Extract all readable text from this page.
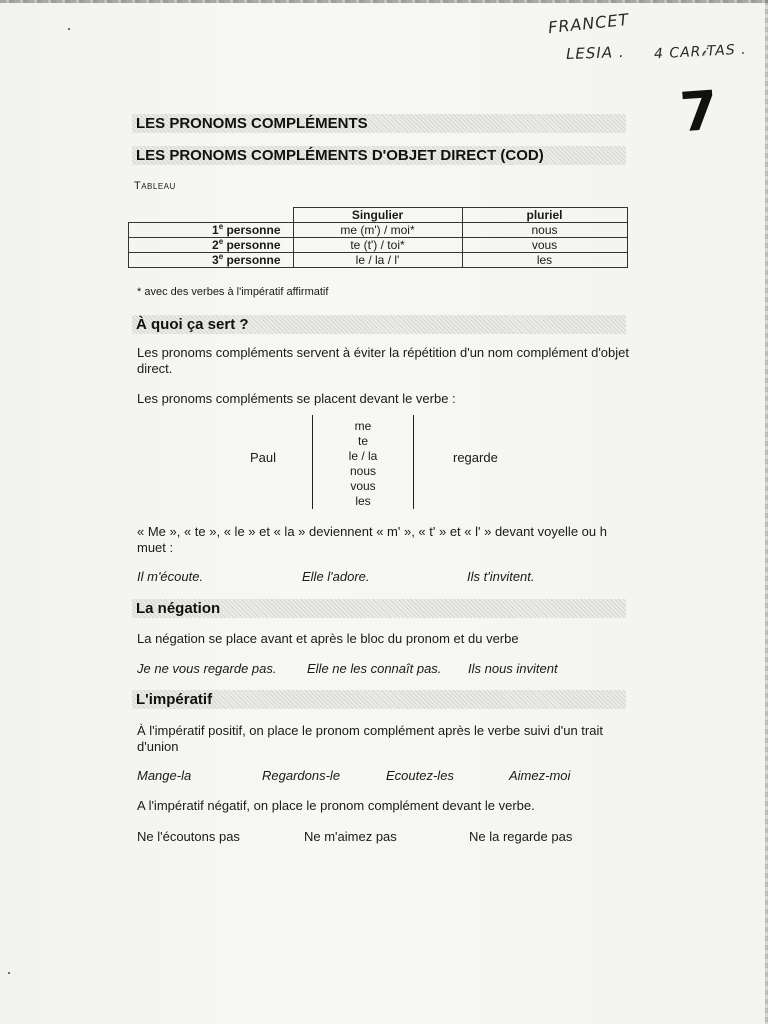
FRANCET
LESIA . 4 CAR𝒾TAS .
7
LES PRONOMS COMPLÉMENTS
LES PRONOMS COMPLÉMENTS D'OBJET DIRECT (COD)
Tableau
	Singulier	pluriel
1e personne	me (m') / moi*	nous
2e personne	te (t') / toi*	vous
3e personne	le / la / l'	les
* avec des verbes à l'impératif affirmatif
À quoi ça sert ?
Les pronoms compléments servent à éviter la répétition d'un nom complément d'objet direct.
Les pronoms compléments se placent devant le verbe :
Paul
me
te
le / la
nous
vous
les
regarde
« Me », « te », « le » et « la » deviennent « m' », « t' » et « l' » devant voyelle ou h muet :
Il m'écoute.	Elle l'adore.	Ils t'invitent.
La négation
La négation se place avant et après le bloc du pronom et du verbe
Je ne vous regarde pas. Elle ne les connaît pas. Ils nous invitent
L'impératif
À l'impératif positif, on place le pronom complément après le verbe suivi d'un trait d'union
Mange-la	Regardons-le	Ecoutez-les	Aimez-moi
A l'impératif négatif, on place le pronom complément devant le verbe.
Ne l'écoutons pas	Ne m'aimez pas	Ne la regarde pas
